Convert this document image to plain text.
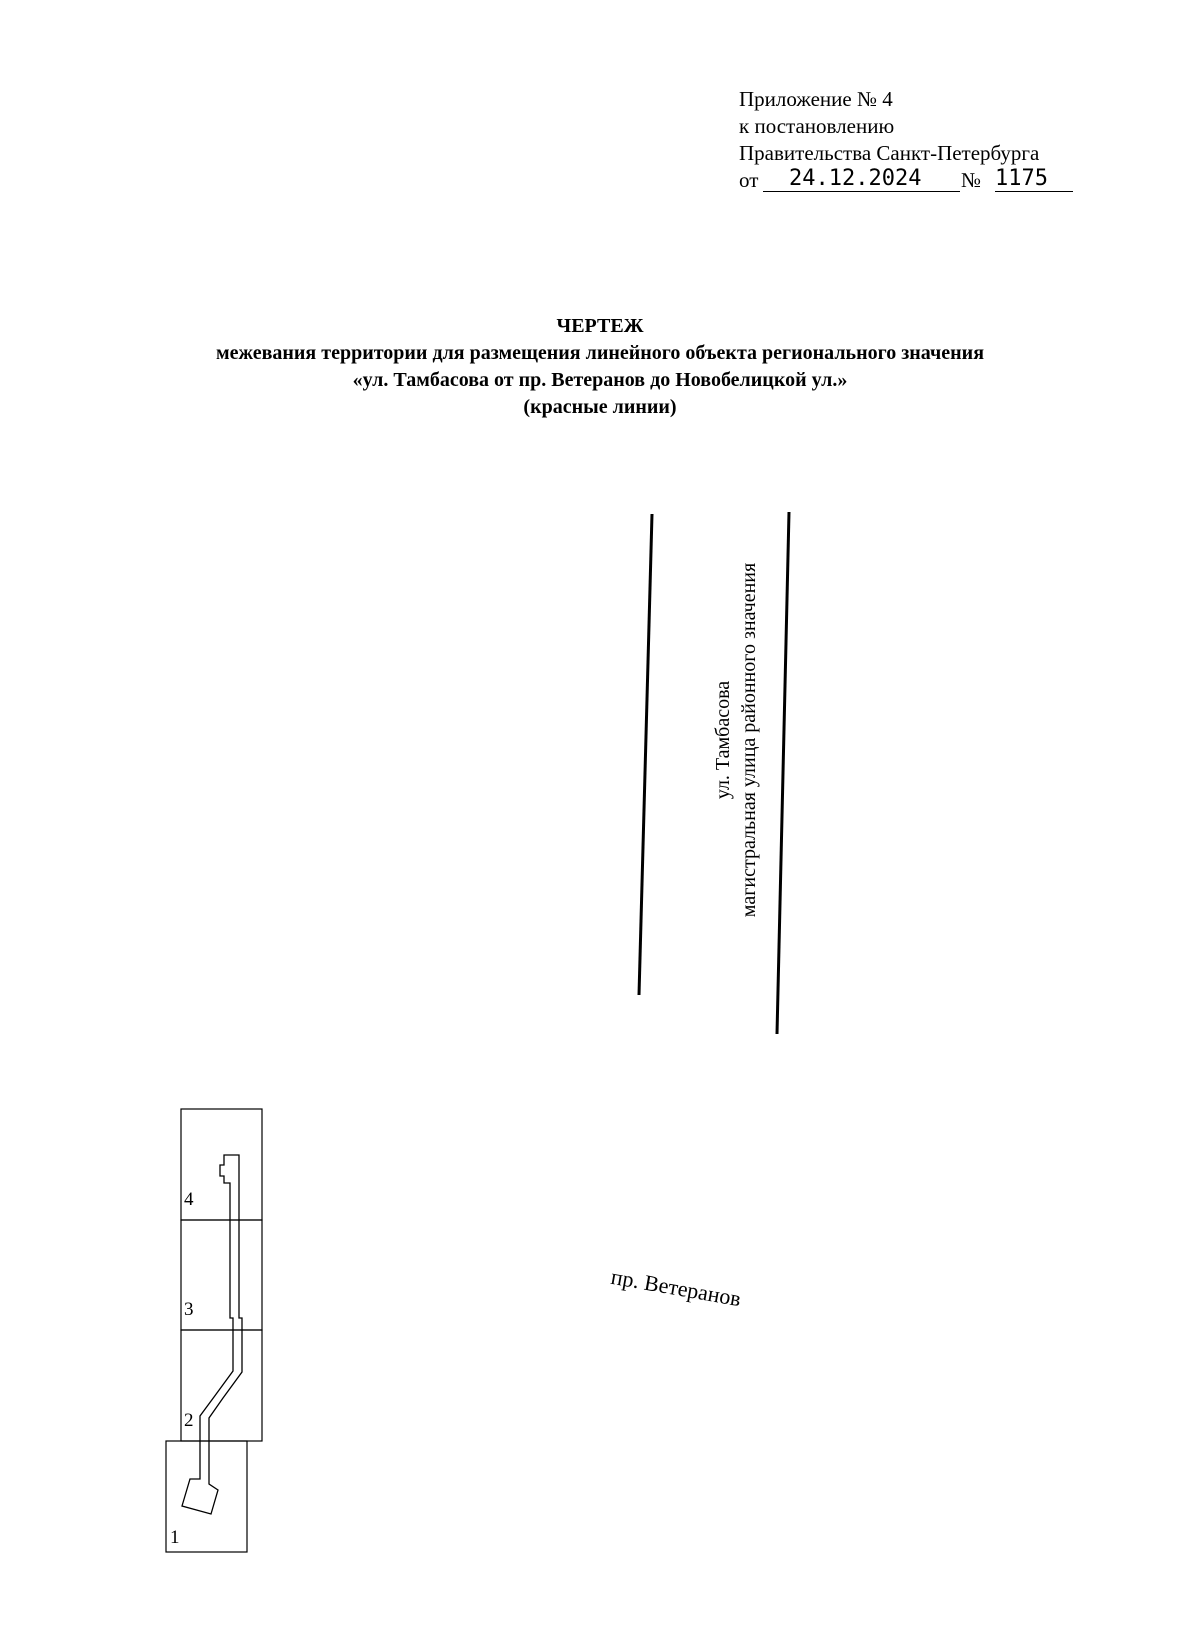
Приложение № 4
к постановлению
Правительства Санкт-Петербурга
от 24.12.2024 № 1175
ЧЕРТЕЖ
межевания территории для размещения линейного объекта регионального значения
«ул. Тамбасова от пр. Ветеранов до Новобелицкой ул.»
(красные линии)
ул. Тамбасова магистральная улица районного значения
пр. Ветеранов
4
3
2
1
